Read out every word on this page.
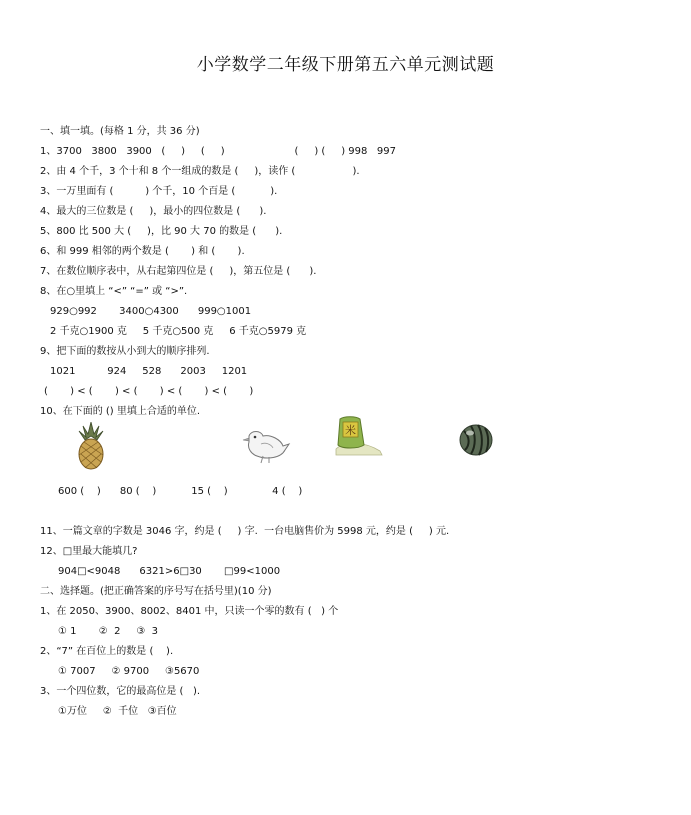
小学数学二年级下册第五六单元测试题
一、填一填。(每格 1 分，共 36 分)
1、3700   3800   3900   (     )     (     )                      (     ) (     ) 998   997
2、由 4 个千，3 个十和 8 个一组成的数是 (     )，读作 (                  ).
3、一万里面有 (          ) 个千，10 个百是 (           ).
4、最大的三位数是 (     )，最小的四位数是 (      ).
5、800 比 500 大 (     )，比 90 大 70 的数是 (      ).
6、和 999 相邻的两个数是 (       ) 和 (       ).
7、在数位顺序表中，从右起第四位是 (     )，第五位是 (      ).
8、在○里填上 “<” “=” 或 “>”.
929○992       3400○4300      999○1001
2 千克○1900 克     5 千克○500 克     6 千克○5979 克
9、把下面的数按从小到大的顺序排列.
1021          924     528      2003     1201
(       ) < (       ) < (       ) < (       ) < (       )
10、在下面的 () 里填上合适的单位.
米
600 (    )      80 (    )           15 (    )              4 (    )
11、一篇文章的字数是 3046 字，约是 (     ) 字.  一台电脑售价为 5998 元，约是 (     ) 元.
12、□里最大能填几?
904□<9048      6321>6□30       □99<1000
二、选择题。(把正确答案的序号写在括号里)(10 分)
1、在 2050、3900、8002、8401 中，只读一个零的数有 (   ) 个
① 1       ②  2     ③  3
2、“7” 在百位上的数是 (    ).
① 7007     ② 9700     ③5670
3、一个四位数，它的最高位是 (   ).
①万位     ②  千位   ③百位
